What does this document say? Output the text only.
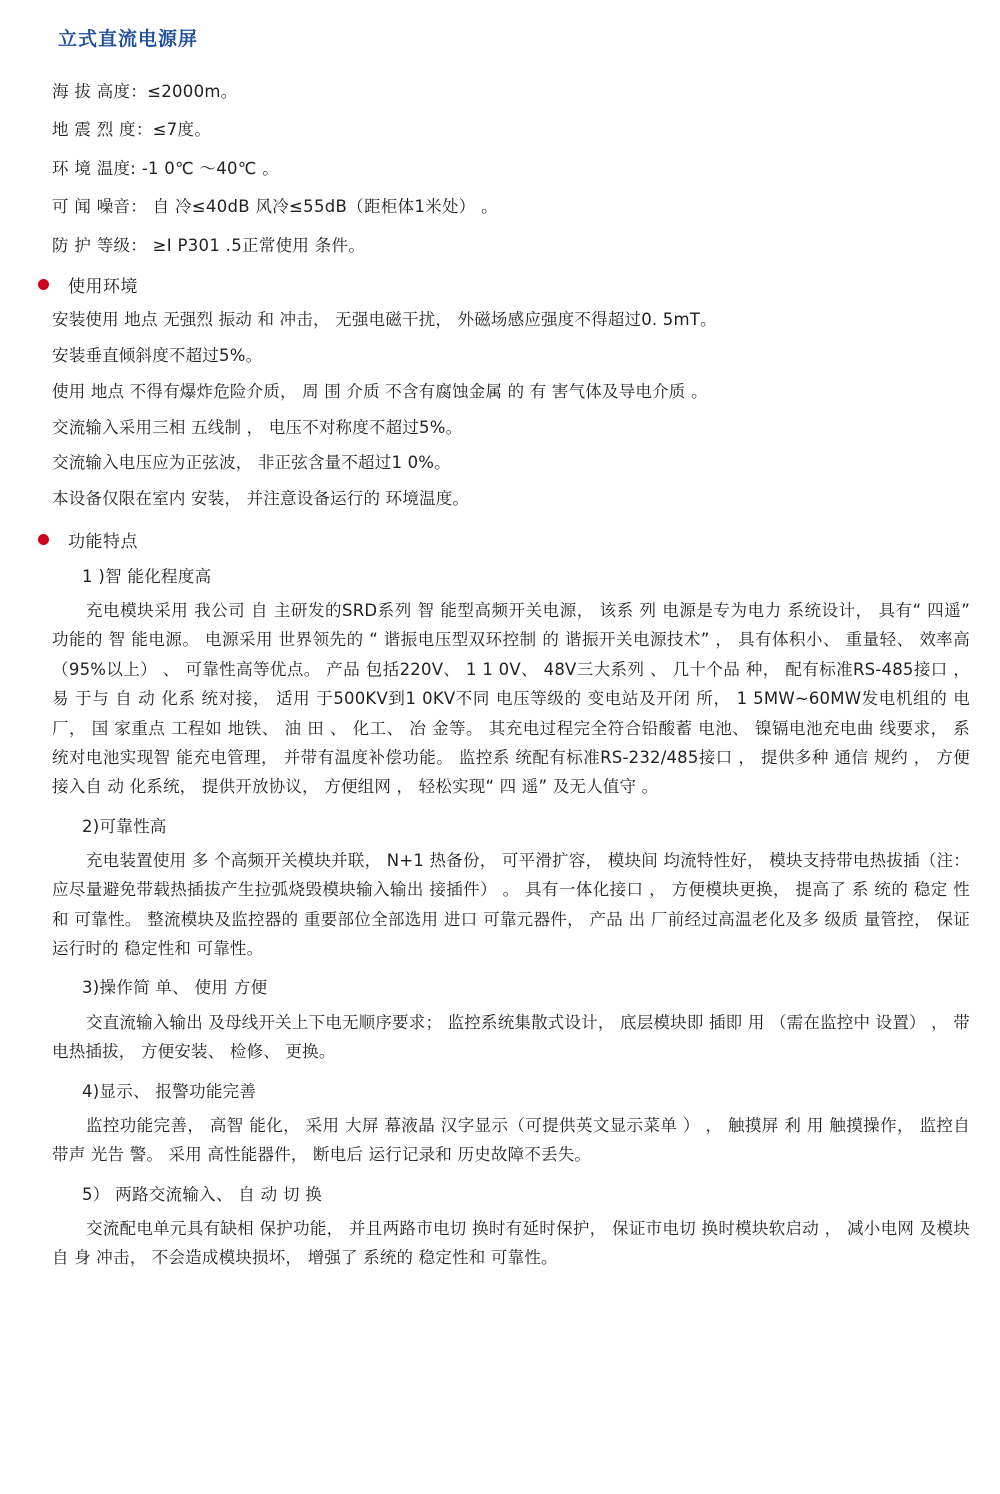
立式直流电源屏
海 拔 高度：≤2000m。
地 震 烈 度：≤7度。
环 境 温度: -1 0℃ ～40℃ 。
可 闻 噪音： 自 冷≤40dB 风冷≤55dB（距柜体1米处） 。
防 护 等级： ≥I P301 .5正常使用 条件。
使用环境

安装使用 地点 无强烈 振动 和 冲击， 无强电磁干扰， 外磁场感应强度不得超过0. 5mT。

安装垂直倾斜度不超过5%。

使用 地点 不得有爆炸危险介质， 周 围 介质 不含有腐蚀金属 的 有 害气体及导电介质 。

交流输入采用三相 五线制 ， 电压不对称度不超过5%。

交流输入电压应为正弦波， 非正弦含量不超过1 0%。

本设备仅限在室内 安装， 并注意设备运行的 环境温度。

功能特点
1 )智 能化程度高

充电模块采用 我公司 自 主研发的SRD系列 智 能型高频开关电源， 该系 列 电源是专为电力 系统设计， 具有“ 四遥” 功能的 智 能电源。 电源采用 世界领先的 “ 谐振电压型双环控制 的 谐振开关电源技术” ， 具有体积小、 重量轻、 效率高（95%以上） 、 可靠性高等优点。 产品 包括220V、 1 1 0V、 48V三大系列 、 几十个品 种， 配有标准RS-485接口 ， 易 于与 自 动 化系 统对接， 适用 于500KV到1 0KV不同 电压等级的 变电站及开闭 所， 1 5MW~60MW发电机组的 电厂， 国 家重点 工程如 地铁、 油 田 、 化工、 冶 金等。 其充电过程完全符合铅酸蓄 电池、 镍镉电池充电曲 线要求， 系 统对电池实现智 能充电管理， 并带有温度补偿功能。 监控系 统配有标准RS-232/485接口 ， 提供多种 通信 规约 ， 方便接入自 动 化系统， 提供开放协议， 方便组网 ， 轻松实现“ 四 遥” 及无人值守 。

2)可靠性高

充电装置使用 多 个高频开关模块并联， N+1 热备份， 可平滑扩容， 模块间 均流特性好， 模块支持带电热拔插（注： 应尽量避免带载热插拔产生拉弧烧毁模块输入输出 接插件） 。 具有一体化接口 ， 方便模块更换， 提高了 系 统的 稳定 性和 可靠性。 整流模块及监控器的 重要部位全部选用 进口 可靠元器件， 产品 出 厂前经过高温老化及多 级质 量管控， 保证运行时的 稳定性和 可靠性。

3)操作简 单、 使用 方便

交直流输入输出 及母线开关上下电无顺序要求； 监控系统集散式设计， 底层模块即 插即 用 （需在监控中 设置） ， 带电热插拔， 方便安装、 检修、 更换。

4)显示、 报警功能完善

监控功能完善， 高智 能化， 采用 大屏 幕液晶 汉字显示（可提供英文显示菜单 ） ， 触摸屏 利 用 触摸操作， 监控自 带声 光告 警。 采用 高性能器件， 断电后 运行记录和 历史故障不丢失。

5） 两路交流输入、 自 动 切 换

交流配电单元具有缺相 保护功能， 并且两路市电切 换时有延时保护， 保证市电切 换时模块软启动 ， 减小电网 及模块自 身 冲击， 不会造成模块损坏， 增强了 系统的 稳定性和 可靠性。
